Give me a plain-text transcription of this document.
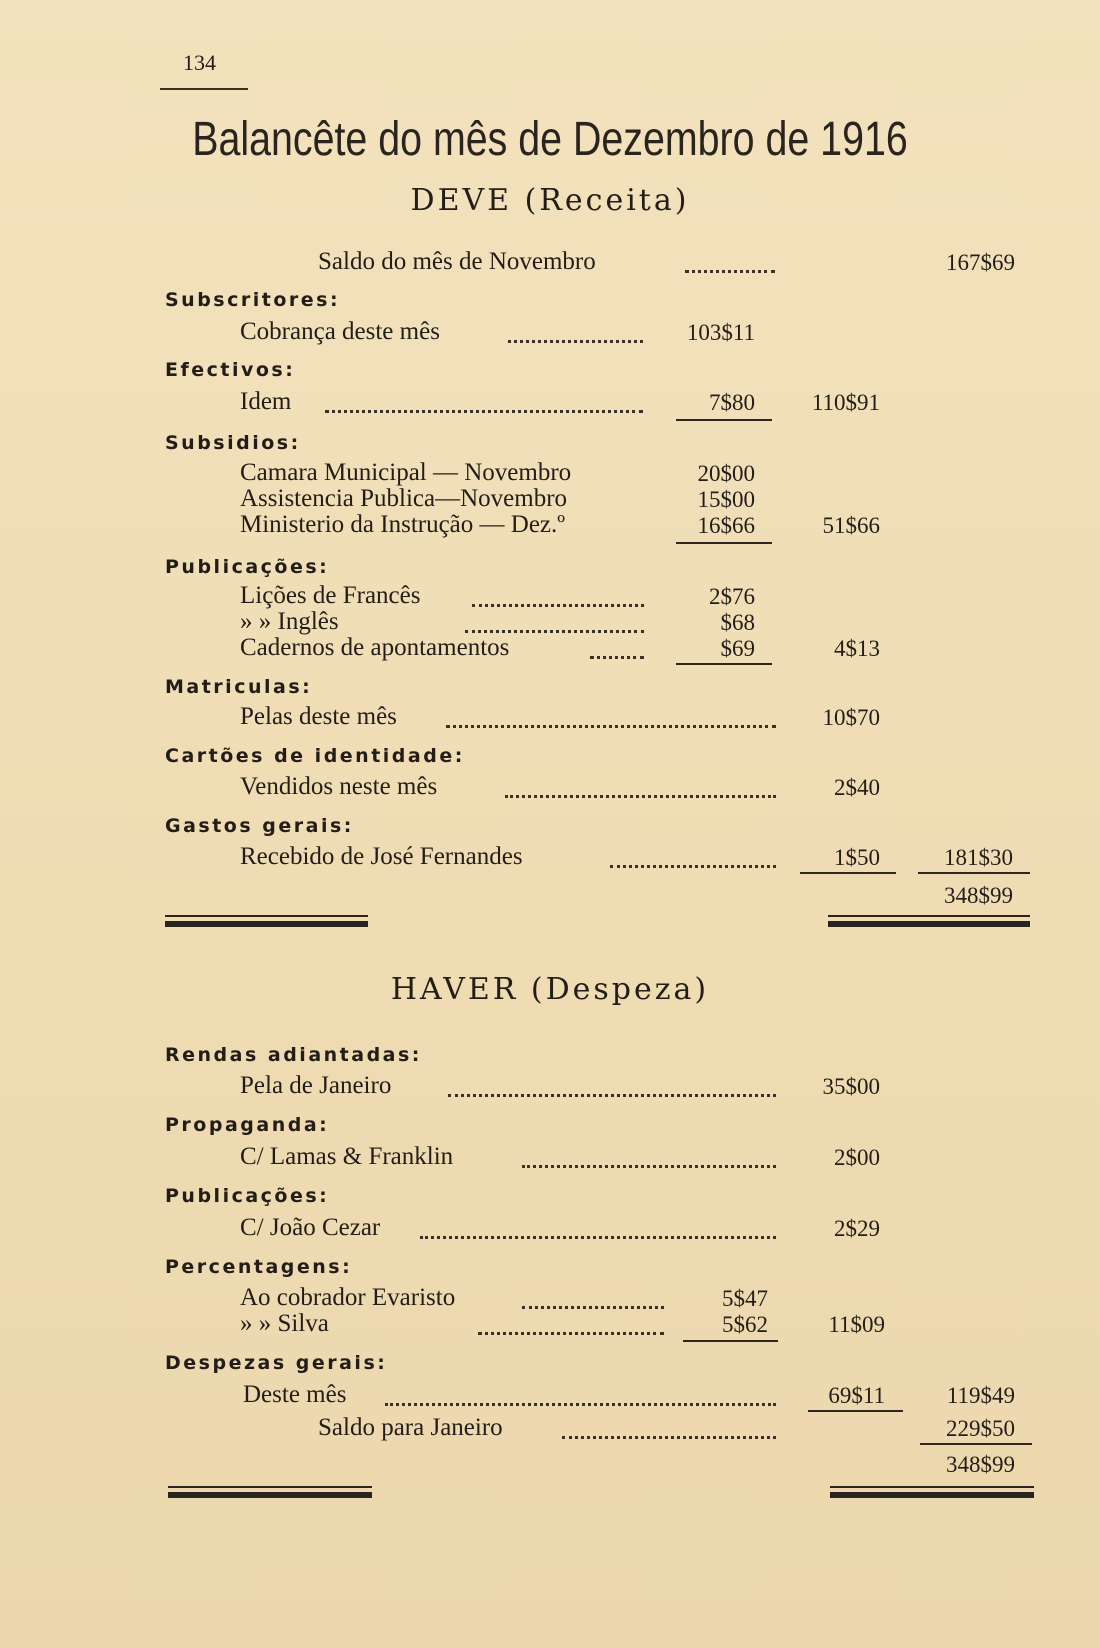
134
Balancête do mês de Dezembro de 1916
DEVE (Receita)
Saldo do mês de Novembro	167$69
Subscritores:
Cobrança deste mês	103$11
Efectivos:
Idem	7$80	110$91
Subsidios:
Camara Municipal — Novembro	20$00
Assistencia Publica—Novembro	15$00
Ministerio da Instrução — Dez.º	16$66	51$66
Publicações:
Lições de Francês	2$76
» » Inglês	$68
Cadernos de apontamentos	$69	4$13
Matriculas:
Pelas deste mês	10$70
Cartões de identidade:
Vendidos neste mês	2$40
Gastos gerais:
Recebido de José Fernandes	1$50	181$30
348$99
HAVER (Despeza)
Rendas adiantadas:
Pela de Janeiro	35$00
Propaganda:
C/ Lamas & Franklin	2$00
Publicações:
C/ João Cezar	2$29
Percentagens:
Ao cobrador Evaristo	5$47
» » Silva	5$62	11$09
Despezas gerais:
Deste mês	69$11	119$49
Saldo para Janeiro	229$50
348$99
